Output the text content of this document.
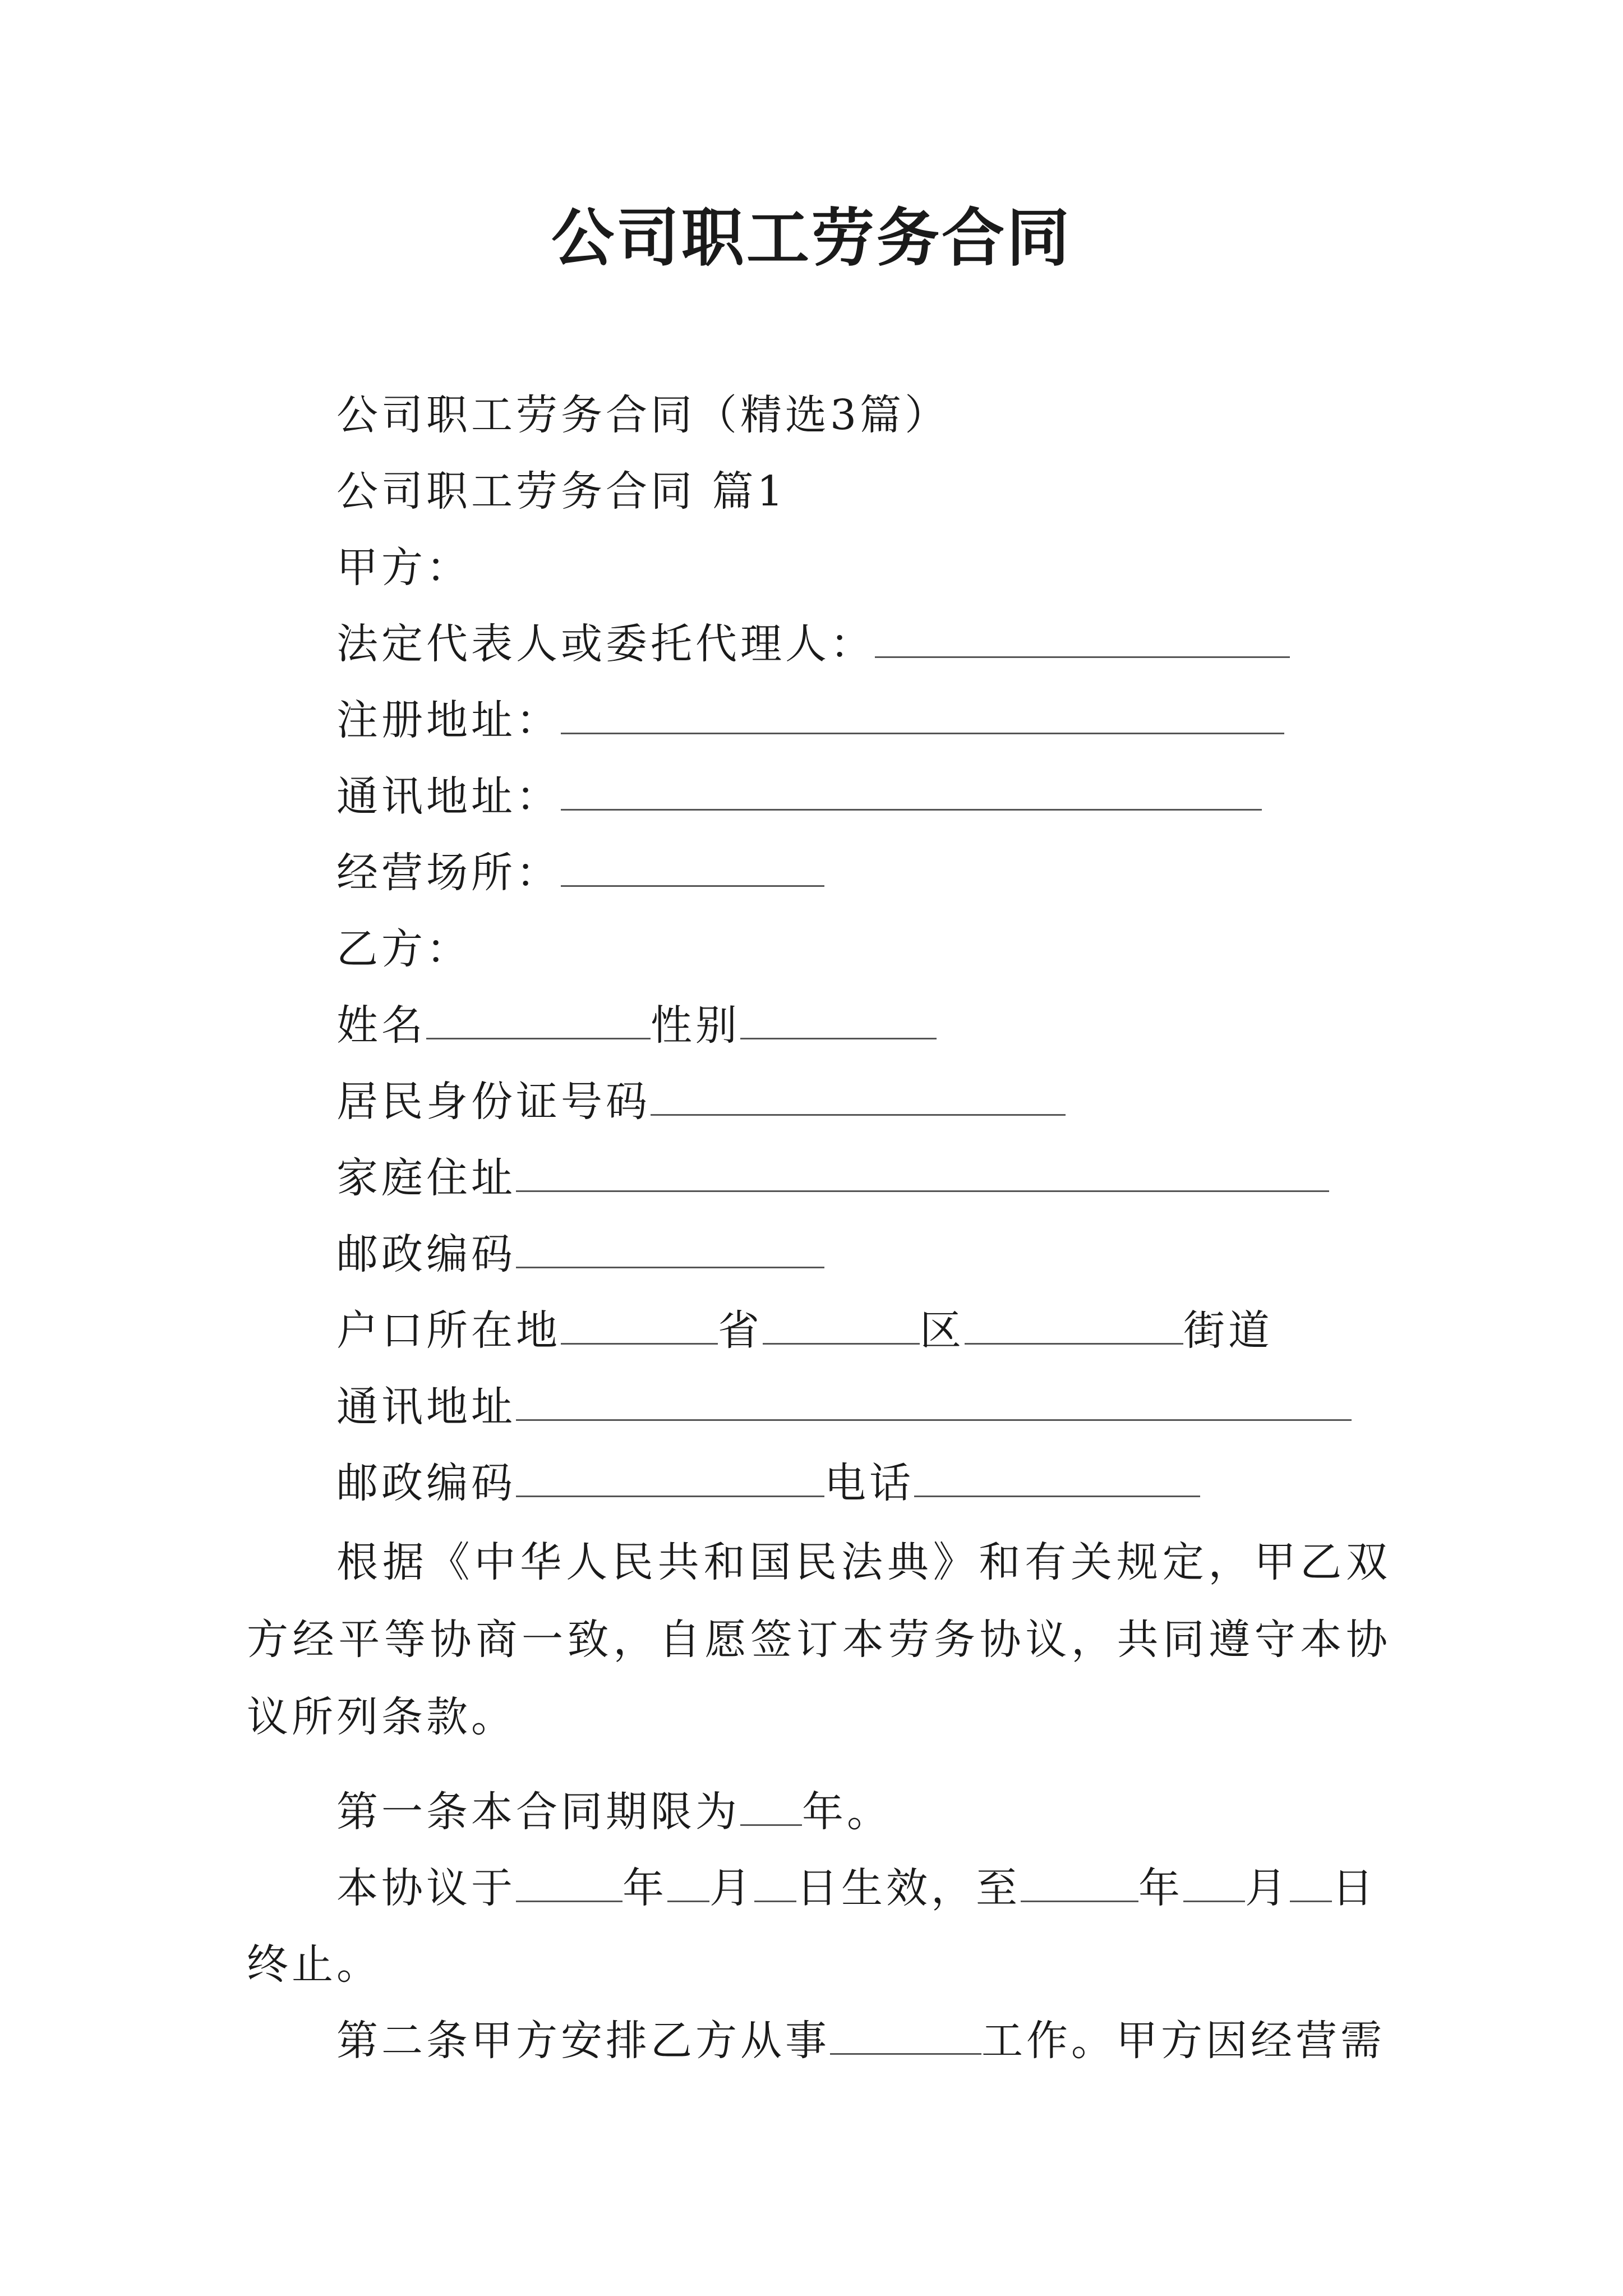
公司职工劳务合同
公司职工劳务合同（精选3篇）
公司职工劳务合同 篇1
甲方：
法定代表人或委托代理人：
注册地址：
通讯地址：
经营场所：
乙方：
姓名	性别
居民身份证号码
家庭住址
邮政编码
户口所在地	省	区	街道
通讯地址
邮政编码	电话

根据《中华人民共和国民法典》和有关规定，甲乙双方经平等协商一致，自愿签订本劳务协议，共同遵守本协议所列条款。

第一条本合同期限为 年。
本协议于	年 月 日生效，至	年 月 日
终止。
第二条甲方安排乙方从事	工作。甲方因经营需
